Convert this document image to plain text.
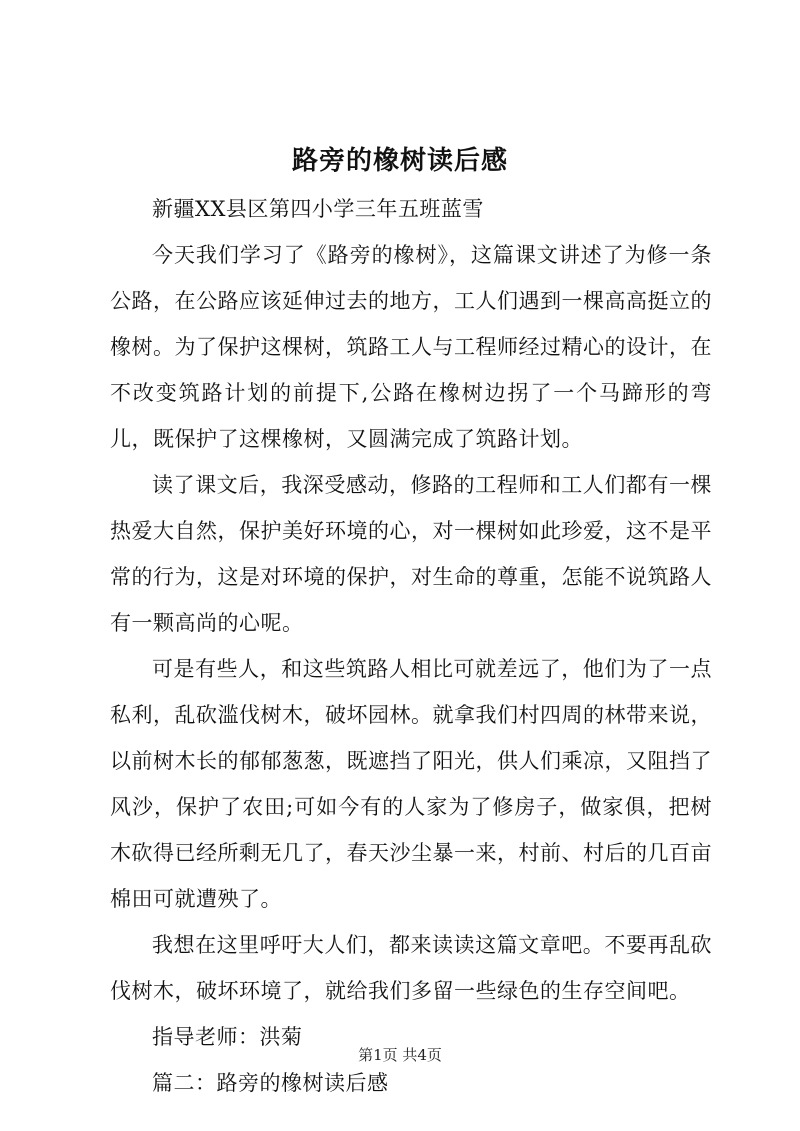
路旁的橡树读后感

新疆XX县区第四小学三年五班蓝雪

今天我们学习了《路旁的橡树》，这篇课文讲述了为修一条公路，在公路应该延伸过去的地方，工人们遇到一棵高高挺立的橡树。为了保护这棵树，筑路工人与工程师经过精心的设计，在不改变筑路计划的前提下,公路在橡树边拐了一个马蹄形的弯儿，既保护了这棵橡树，又圆满完成了筑路计划。

读了课文后，我深受感动，修路的工程师和工人们都有一棵热爱大自然，保护美好环境的心，对一棵树如此珍爱，这不是平常的行为，这是对环境的保护，对生命的尊重，怎能不说筑路人有一颗高尚的心呢。

可是有些人，和这些筑路人相比可就差远了，他们为了一点私利，乱砍滥伐树木，破坏园林。就拿我们村四周的林带来说，以前树木长的郁郁葱葱，既遮挡了阳光，供人们乘凉，又阻挡了风沙，保护了农田;可如今有的人家为了修房子，做家俱，把树木砍得已经所剩无几了，春天沙尘暴一来，村前、村后的几百亩棉田可就遭殃了。

我想在这里呼吁大人们，都来读读这篇文章吧。不要再乱砍伐树木，破坏环境了，就给我们多留一些绿色的生存空间吧。

指导老师：洪菊

篇二：路旁的橡树读后感

第1页 共4页
